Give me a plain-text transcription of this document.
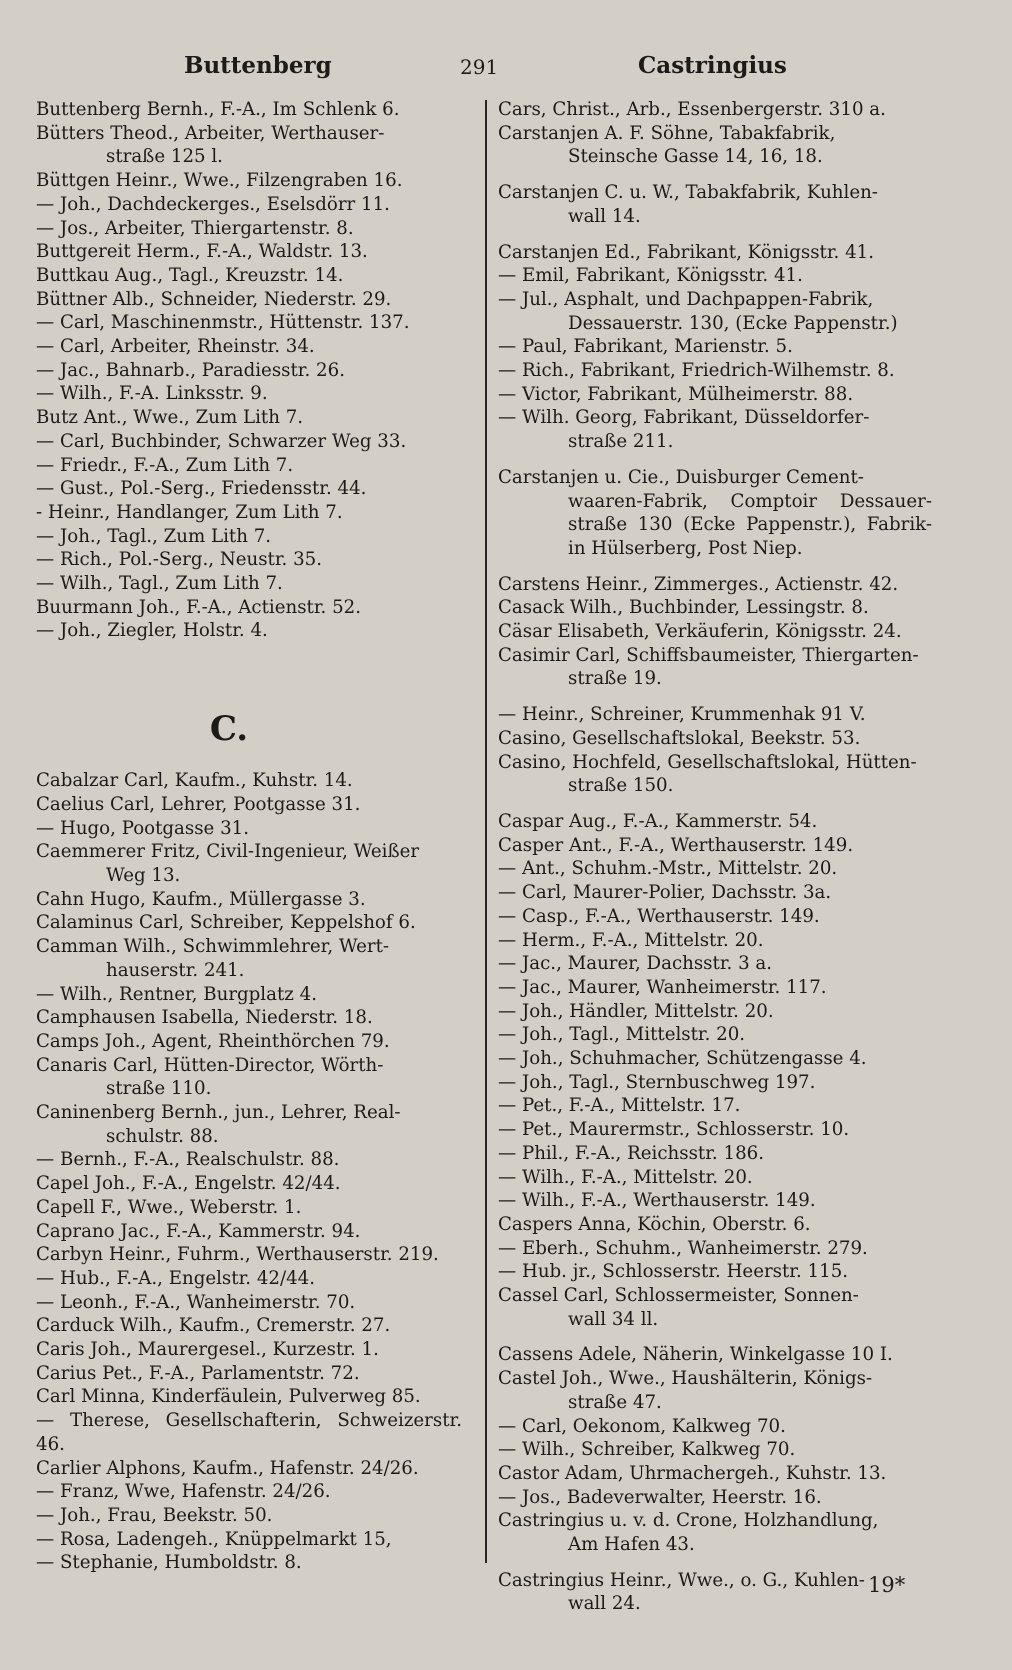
Buttenberg	291	Castringius
Buttenberg Bernh., F.-A., Im Schlenk 6.
Bütters Theod., Arbeiter, Werthauser-
straße 125 l.
Büttgen Heinr., Wwe., Filzengraben 16.
— Joh., Dachdeckerges., Eselsdörr 11.
— Jos., Arbeiter, Thiergartenstr. 8.
Buttgereit Herm., F.-A., Waldstr. 13.
Buttkau Aug., Tagl., Kreuzstr. 14.
Büttner Alb., Schneider, Niederstr. 29.
— Carl, Maschinenmstr., Hüttenstr. 137.
— Carl, Arbeiter, Rheinstr. 34.
— Jac., Bahnarb., Paradiesstr. 26.
— Wilh., F.-A. Linksstr. 9.
Butz Ant., Wwe., Zum Lith 7.
— Carl, Buchbinder, Schwarzer Weg 33.
— Friedr., F.-A., Zum Lith 7.
— Gust., Pol.-Serg., Friedensstr. 44.
- Heinr., Handlanger, Zum Lith 7.
— Joh., Tagl., Zum Lith 7.
— Rich., Pol.-Serg., Neustr. 35.
— Wilh., Tagl., Zum Lith 7.
Buurmann Joh., F.-A., Actienstr. 52.
— Joh., Ziegler, Holstr. 4.
C.
Cabalzar Carl, Kaufm., Kuhstr. 14.
Caelius Carl, Lehrer, Pootgasse 31.
— Hugo, Pootgasse 31.
Caemmerer Fritz, Civil-Ingenieur, Weißer
Weg 13.
Cahn Hugo, Kaufm., Müllergasse 3.
Calaminus Carl, Schreiber, Keppelshof 6.
Camman Wilh., Schwimmlehrer, Wert-
hauserstr. 241.
— Wilh., Rentner, Burgplatz 4.
Camphausen Isabella, Niederstr. 18.
Camps Joh., Agent, Rheinthörchen 79.
Canaris Carl, Hütten-Director, Wörth-
straße 110.
Caninenberg Bernh., jun., Lehrer, Real-
schulstr. 88.
— Bernh., F.-A., Realschulstr. 88.
Capel Joh., F.-A., Engelstr. 42/44.
Capell F., Wwe., Weberstr. 1.
Caprano Jac., F.-A., Kammerstr. 94.
Carbyn Heinr., Fuhrm., Werthauserstr. 219.
— Hub., F.-A., Engelstr. 42/44.
— Leonh., F.-A., Wanheimerstr. 70.
Carduck Wilh., Kaufm., Cremerstr. 27.
Caris Joh., Maurergesel., Kurzestr. 1.
Carius Pet., F.-A., Parlamentstr. 72.
Carl Minna, Kinderfäulein, Pulverweg 85.
— Therese, Gesellschafterin, Schweizerstr. 46.
Carlier Alphons, Kaufm., Hafenstr. 24/26.
— Franz, Wwe, Hafenstr. 24/26.
— Joh., Frau, Beekstr. 50.
— Rosa, Ladengeh., Knüppelmarkt 15,
— Stephanie, Humboldstr. 8.
Cars, Christ., Arb., Essenbergerstr. 310 a.
Carstanjen A. F. Söhne, Tabakfabrik,
Steinsche Gasse 14, 16, 18.
Carstanjen C. u. W., Tabakfabrik, Kuhlen-
wall 14.
Carstanjen Ed., Fabrikant, Königsstr. 41.
— Emil, Fabrikant, Königsstr. 41.
— Jul., Asphalt, und Dachpappen-Fabrik,
Dessauerstr. 130, (Ecke Pappenstr.)
— Paul, Fabrikant, Marienstr. 5.
— Rich., Fabrikant, Friedrich-Wilhemstr. 8.
— Victor, Fabrikant, Mülheimerstr. 88.
— Wilh. Georg, Fabrikant, Düsseldorfer-
straße 211.
Carstanjen u. Cie., Duisburger Cement-
waaren-Fabrik, Comptoir Dessauer- straße 130 (Ecke Pappenstr.), Fabrik- in Hülserberg, Post Niep.
Carstens Heinr., Zimmerges., Actienstr. 42.
Casack Wilh., Buchbinder, Lessingstr. 8.
Cäsar Elisabeth, Verkäuferin, Königsstr. 24.
Casimir Carl, Schiffsbaumeister, Thiergarten-
straße 19.
— Heinr., Schreiner, Krummenhak 91 V.
Casino, Gesellschaftslokal, Beekstr. 53.
Casino, Hochfeld, Gesellschaftslokal, Hütten-
straße 150.
Caspar Aug., F.-A., Kammerstr. 54.
Casper Ant., F.-A., Werthauserstr. 149.
— Ant., Schuhm.-Mstr., Mittelstr. 20.
— Carl, Maurer-Polier, Dachsstr. 3a.
— Casp., F.-A., Werthauserstr. 149.
— Herm., F.-A., Mittelstr. 20.
— Jac., Maurer, Dachsstr. 3 a.
— Jac., Maurer, Wanheimerstr. 117.
— Joh., Händler, Mittelstr. 20.
— Joh., Tagl., Mittelstr. 20.
— Joh., Schuhmacher, Schützengasse 4.
— Joh., Tagl., Sternbuschweg 197.
— Pet., F.-A., Mittelstr. 17.
— Pet., Maurermstr., Schlosserstr. 10.
— Phil., F.-A., Reichsstr. 186.
— Wilh., F.-A., Mittelstr. 20.
— Wilh., F.-A., Werthauserstr. 149.
Caspers Anna, Köchin, Oberstr. 6.
— Eberh., Schuhm., Wanheimerstr. 279.
— Hub. jr., Schlosserstr. Heerstr. 115.
Cassel Carl, Schlossermeister, Sonnen-
wall 34 ll.
Cassens Adele, Näherin, Winkelgasse 10 I.
Castel Joh., Wwe., Haushälterin, Königs-
straße 47.
— Carl, Oekonom, Kalkweg 70.
— Wilh., Schreiber, Kalkweg 70.
Castor Adam, Uhrmachergeh., Kuhstr. 13.
— Jos., Badeverwalter, Heerstr. 16.
Castringius u. v. d. Crone, Holzhandlung,
Am Hafen 43.
Castringius Heinr., Wwe., o. G., Kuhlen-
wall 24.
19*
